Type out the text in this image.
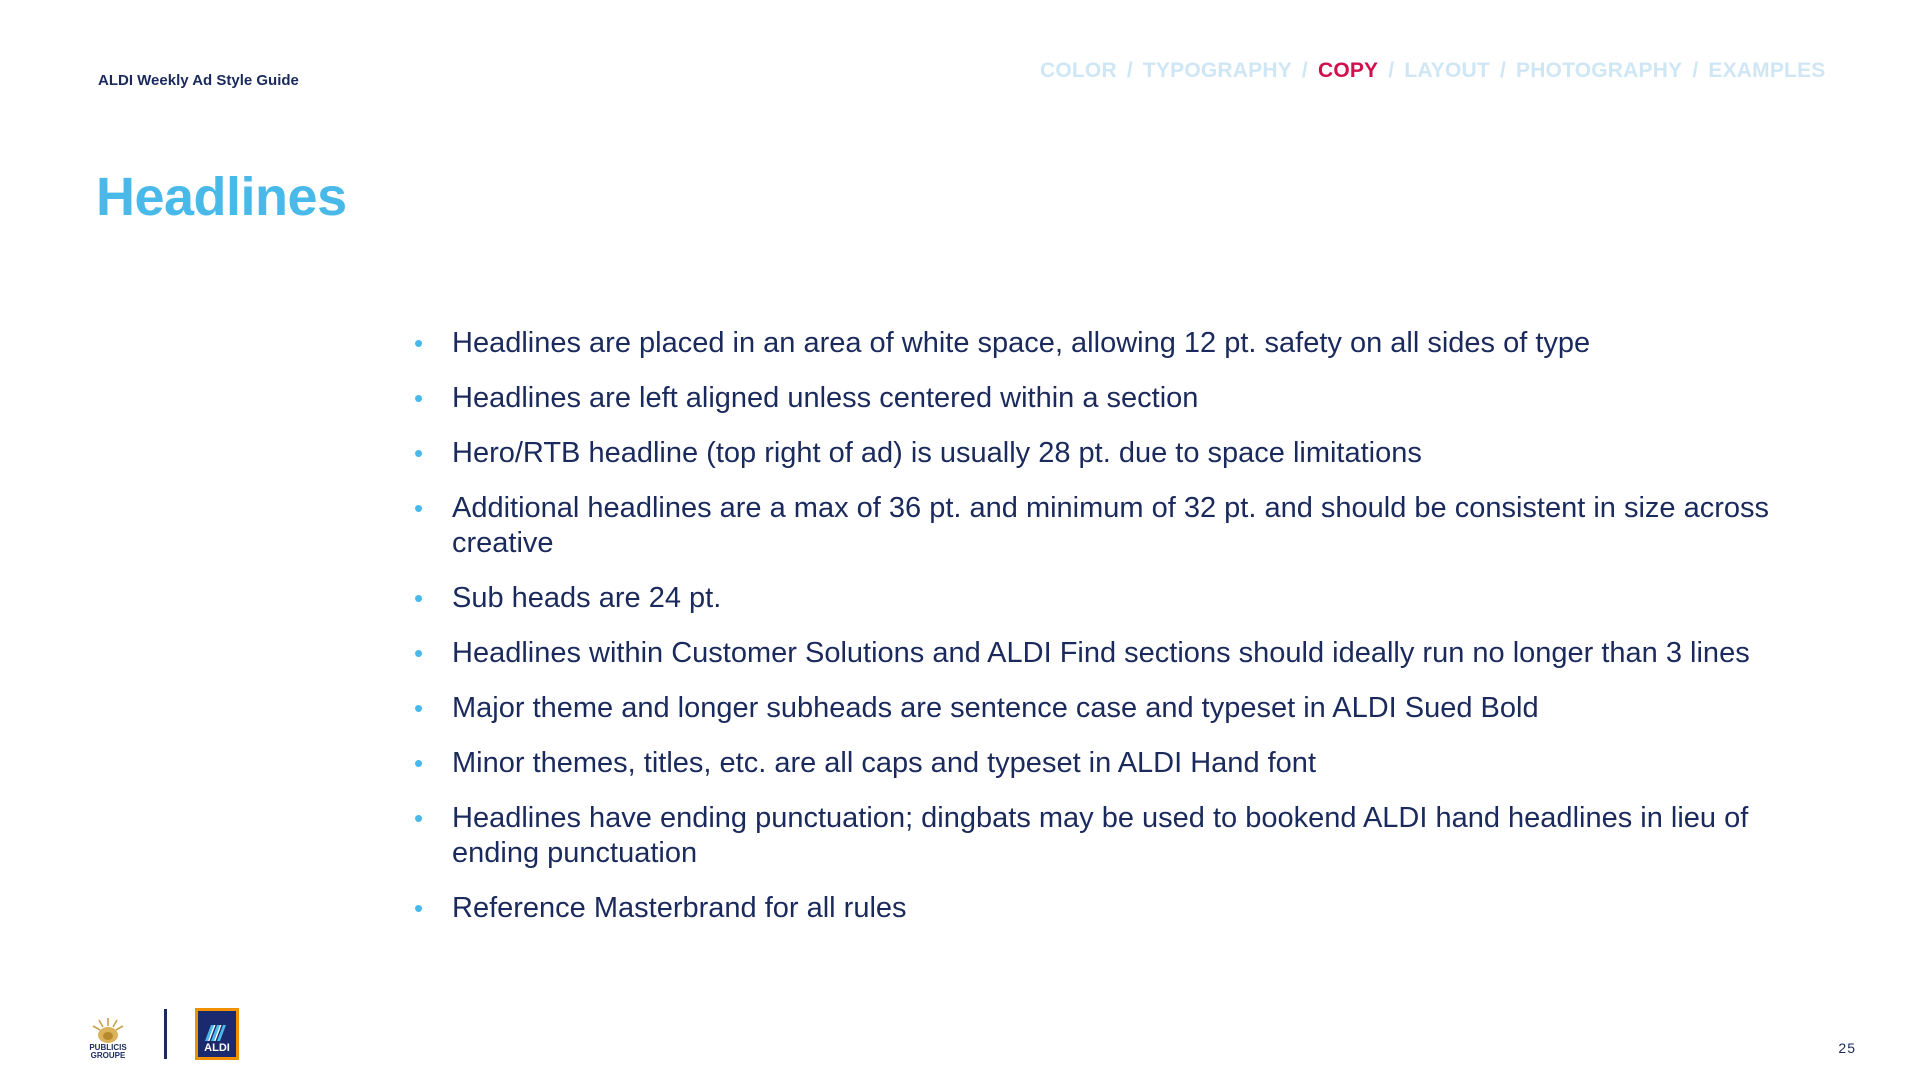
ALDI Weekly Ad Style Guide	COLOR / TYPOGRAPHY / COPY / LAYOUT / PHOTOGRAPHY / EXAMPLES
Headlines
• Headlines are placed in an area of white space, allowing 12 pt. safety on all sides of type
• Headlines are left aligned unless centered within a section
• Hero/RTB headline (top right of ad) is usually 28 pt. due to space limitations
• Additional headlines are a max of 36 pt. and minimum of 32 pt. and should be consistent in size across creative
• Sub heads are 24 pt.
• Headlines within Customer Solutions and ALDI Find sections should ideally run no longer than 3 lines
• Major theme and longer subheads are sentence case and typeset in ALDI Sued Bold
• Minor themes, titles, etc. are all caps and typeset in ALDI Hand font
• Headlines have ending punctuation; dingbats may be used to bookend ALDI hand headlines in lieu of ending punctuation
• Reference Masterbrand for all rules
PUBLICIS GROUPE
ALDI	25
